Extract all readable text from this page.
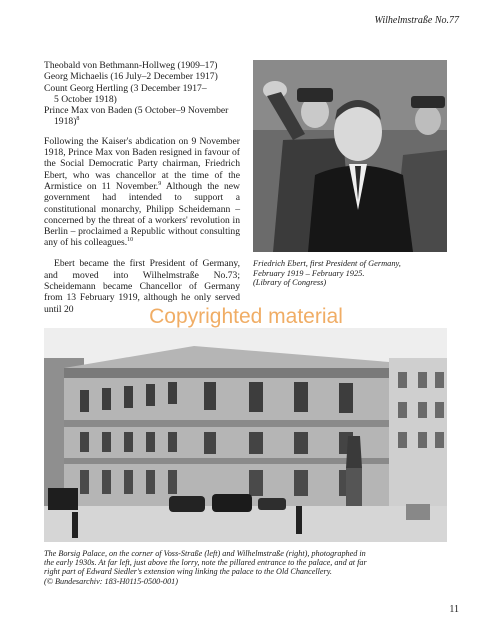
Wilhelmstraße No.77
Theobald von Bethmann-Hollweg (1909–17)
Georg Michaelis (16 July–2 December 1917)
Count Georg Hertling (3 December 1917–
5 October 1918)
Prince Max von Baden (5 October–9 November
1918)$^8$

Following the Kaiser's abdication on 9 November 1918, Prince Max von Baden resigned in favour of the Social Democratic Party chairman, Friedrich Ebert, who was chancellor at the time of the Armistice on 11 November.$^9$ Although the new government had intended to support a constitutional monarchy, Philipp Scheidemann – concerned by the threat of a workers' revolution in Berlin – proclaimed a Republic without consulting any of his colleagues.$^{10}$

Ebert became the first President of Germany, and moved into Wilhelmstraße No.73; Scheidemann became Chancellor of Germany from 13 February 1919, although he only served until 20

Friedrich Ebert, first President of Germany,
February 1919 – February 1925.
(Library of Congress)
Copyrighted material
The Borsig Palace, on the corner of Voss-Straße (left) and Wilhelmstraße (right), photographed in
the early 1930s. At far left, just above the lorry, note the pillared entrance to the palace, and at far
right part of Edward Siedler's extension wing linking the palace to the Old Chancellery.
(© Bundesarchiv: 183-H0115-0500-001)
11
